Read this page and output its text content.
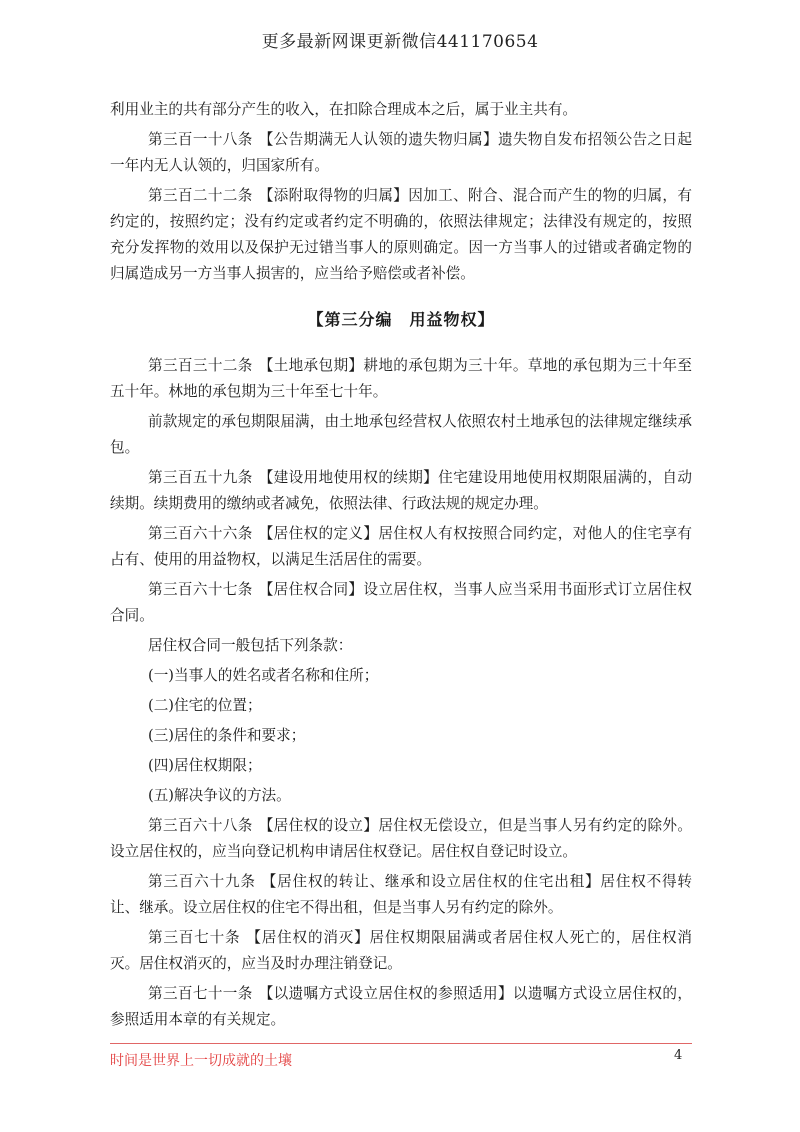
更多最新网课更新微信441170654

利用业主的共有部分产生的收入，在扣除合理成本之后，属于业主共有。

第三百一十八条 【公告期满无人认领的遗失物归属】遗失物自发布招领公告之日起一年内无人认领的，归国家所有。

第三百二十二条 【添附取得物的归属】因加工、附合、混合而产生的物的归属，有约定的，按照约定；没有约定或者约定不明确的，依照法律规定；法律没有规定的，按照充分发挥物的效用以及保护无过错当事人的原则确定。因一方当事人的过错或者确定物的归属造成另一方当事人损害的，应当给予赔偿或者补偿。

【第三分编　用益物权】

第三百三十二条 【土地承包期】耕地的承包期为三十年。草地的承包期为三十年至五十年。林地的承包期为三十年至七十年。

前款规定的承包期限届满，由土地承包经营权人依照农村土地承包的法律规定继续承包。

第三百五十九条 【建设用地使用权的续期】住宅建设用地使用权期限届满的，自动续期。续期费用的缴纳或者减免，依照法律、行政法规的规定办理。

第三百六十六条 【居住权的定义】居住权人有权按照合同约定，对他人的住宅享有占有、使用的用益物权，以满足生活居住的需要。

第三百六十七条 【居住权合同】设立居住权，当事人应当采用书面形式订立居住权合同。

居住权合同一般包括下列条款：

(一)当事人的姓名或者名称和住所；

(二)住宅的位置；

(三)居住的条件和要求；

(四)居住权期限；

(五)解决争议的方法。

第三百六十八条 【居住权的设立】居住权无偿设立，但是当事人另有约定的除外。设立居住权的，应当向登记机构申请居住权登记。居住权自登记时设立。

第三百六十九条 【居住权的转让、继承和设立居住权的住宅出租】居住权不得转让、继承。设立居住权的住宅不得出租，但是当事人另有约定的除外。

第三百七十条 【居住权的消灭】居住权期限届满或者居住权人死亡的，居住权消灭。居住权消灭的，应当及时办理注销登记。

第三百七十一条 【以遗嘱方式设立居住权的参照适用】以遗嘱方式设立居住权的，参照适用本章的有关规定。

时间是世界上一切成就的土壤	4
